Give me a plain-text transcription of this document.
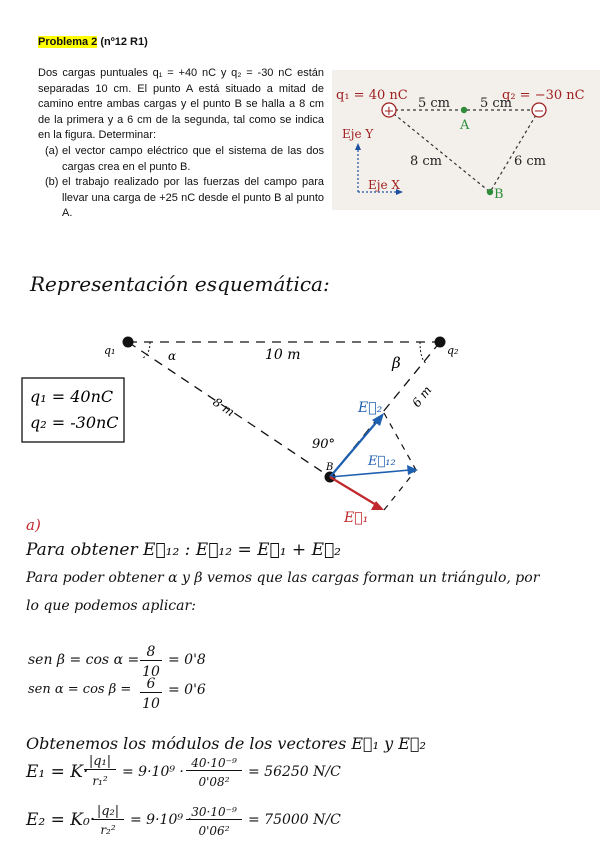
Problema 2 (nº12 R1)

Dos cargas puntuales q₁ = +40 nC y q₂ = -30 nC están separadas 10 cm. El punto A está situado a mitad de camino entre ambas cargas y el punto B se halla a 8 cm de la primera y a 6 cm de la segunda, tal como se indica en la figura. Determinar:

(a) el vector campo eléctrico que el sistema de las dos cargas crea en el punto B.
(b) el trabajo realizado por las fuerzas del campo para llevar una carga de +25 nC desde el punto B al punto A.
+	−
q₁ = 40 nC	q₂ = −30 nC
5 cm 5 cm
A
B
8 cm	6 cm
Eje Y
Eje X
Representación esquemática:
q₁	q₂
10 m
α	β
8 m	6 m
90°
B
E⃗₂
E⃗₁₂
E⃗₁
q₁ = 40nC
q₂ = -30nC
a)
Para obtener E⃗₁₂ : E⃗₁₂ = E⃗₁ + E⃗₂
Para poder obtener α y β vemos que las cargas forman un triángulo, por
lo que podemos aplicar:
sen β = cos α = 8
10
= 0'8
sen α = cos β =	6
10
= 0'6
Obtenemos los módulos de los vectores E⃗₁ y E⃗₂
E₁ = K·
|q₁|
r₁²
= 9·10⁹ ·
40·10⁻⁹
0'08²
= 56250 N/C
E₂ = K₀· |q₂|
r₂²
= 9·10⁹ · 30·10⁻⁹
0'06²
= 75000 N/C
